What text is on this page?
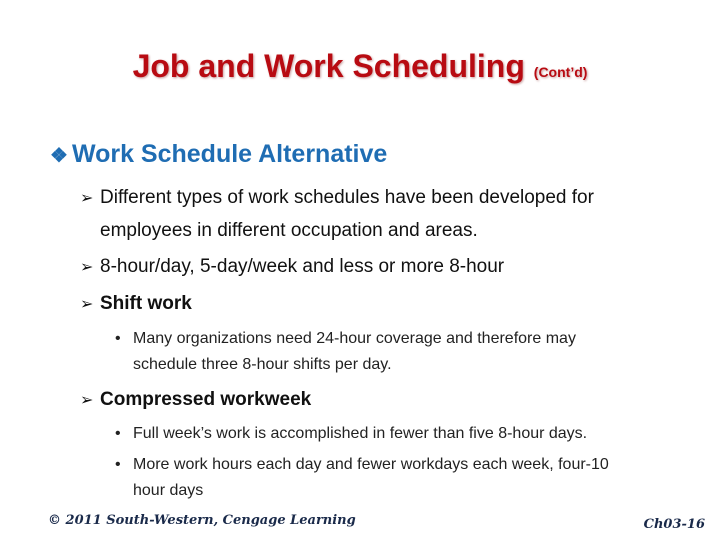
Job and Work Scheduling (Cont’d)
❖ Work Schedule Alternative
➢ Different types of work schedules have been developed for
employees in different occupation and areas.
➢ 8-hour/day, 5-day/week and less or more 8-hour
➢ Shift work
• Many organizations need 24-hour coverage and therefore may
schedule three 8-hour shifts per day.
➢ Compressed workweek
• Full week’s work is accomplished in fewer than five 8-hour days.
• More work hours each day and fewer workdays each week, four-10
hour days
© 2011 South-Western, Cengage Learning	Ch03-16
